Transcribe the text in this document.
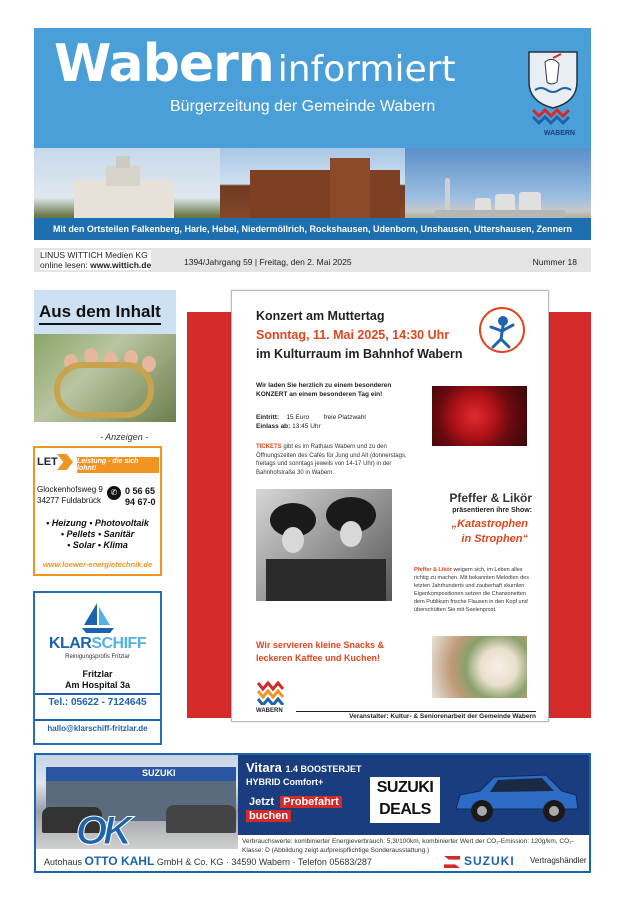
Wabern informiert
Bürgerzeitung der Gemeinde Wabern
WABERN
Mit den Ortsteilen Falkenberg, Harle, Hebel, Niedermöllrich, Rockshausen, Udenborn, Unshausen, Uttershausen, Zennern
LINUS WITTICH Medien KG
online lesen: www.wittich.de	1394/Jahrgang 59 | Freitag, den 2. Mai 2025	Nummer 18
Aus dem Inhalt
- Anzeigen -
LET	Leistung - die sich lohnt!
Glockenhofsweg 9
34277 Fuldabrück
✆ 0 56 65
94 67-0
• Heizung • Photovoltaik
• Pellets • Sanitär
• Solar • Klima
www.loewer-energietechnik.de
KLARSCHIFF
Reinigungsprofis Fritzlar
Fritzlar
Am Hospital 3a
Tel.: 05622 - 7124645
hallo@klarschiff-fritzlar.de
Konzert am Muttertag
Sonntag, 11. Mai 2025, 14:30 Uhr
im Kulturraum im Bahnhof Wabern
Wir laden Sie herzlich zu einem besonderen KONZERT an einem besonderen Tag ein!
Eintritt: 15 Euro freie Platzwahl
Einlass ab: 13:45 Uhr
TICKETS gibt es im Rathaus Wabern und zu den Öffnungszeiten des Cafés für Jung und Alt (donnerstags, freitags und sonntags jeweils von 14-17 Uhr) in der Bahnhofstraße 30 in Wabern.
Pfeffer & Likör
präsentieren ihre Show:
„Katastrophen
in Strophen“
Pfeffer & Likör weigern sich, im Leben alles richtig zu machen. Mit bekannten Melodien des letzten Jahrhunderts und zauberhaft skurrilen Eigenkompositionen setzen die Chansonetten dem Publikum frische Flausen in den Kopf und überschütten Sie mit Seelenprost.
Wir servieren kleine Snacks &
leckeren Kaffee und Kuchen!
WABERN
Veranstalter: Kultur- & Seniorenarbeit der Gemeinde Wabern
SUZUKI
OK
Autohaus OTTO KAHL GmbH & Co. KG · 34590 Wabern · Telefon 05683/287
Vitara 1.4 BOOSTERJET
HYBRID Comfort+
Jetzt Probefahrt
buchen
SUZUKI
DEALS
Verbrauchswerte: kombinierter Energieverbrauch: 5,3l/100km, kombinierter Wert der CO₂-Emission: 120g/km, CO₂-Klasse: D (Abbildung zeigt aufpreispflichtige Sonderausstattung.)
SUZUKI Vertragshändler
